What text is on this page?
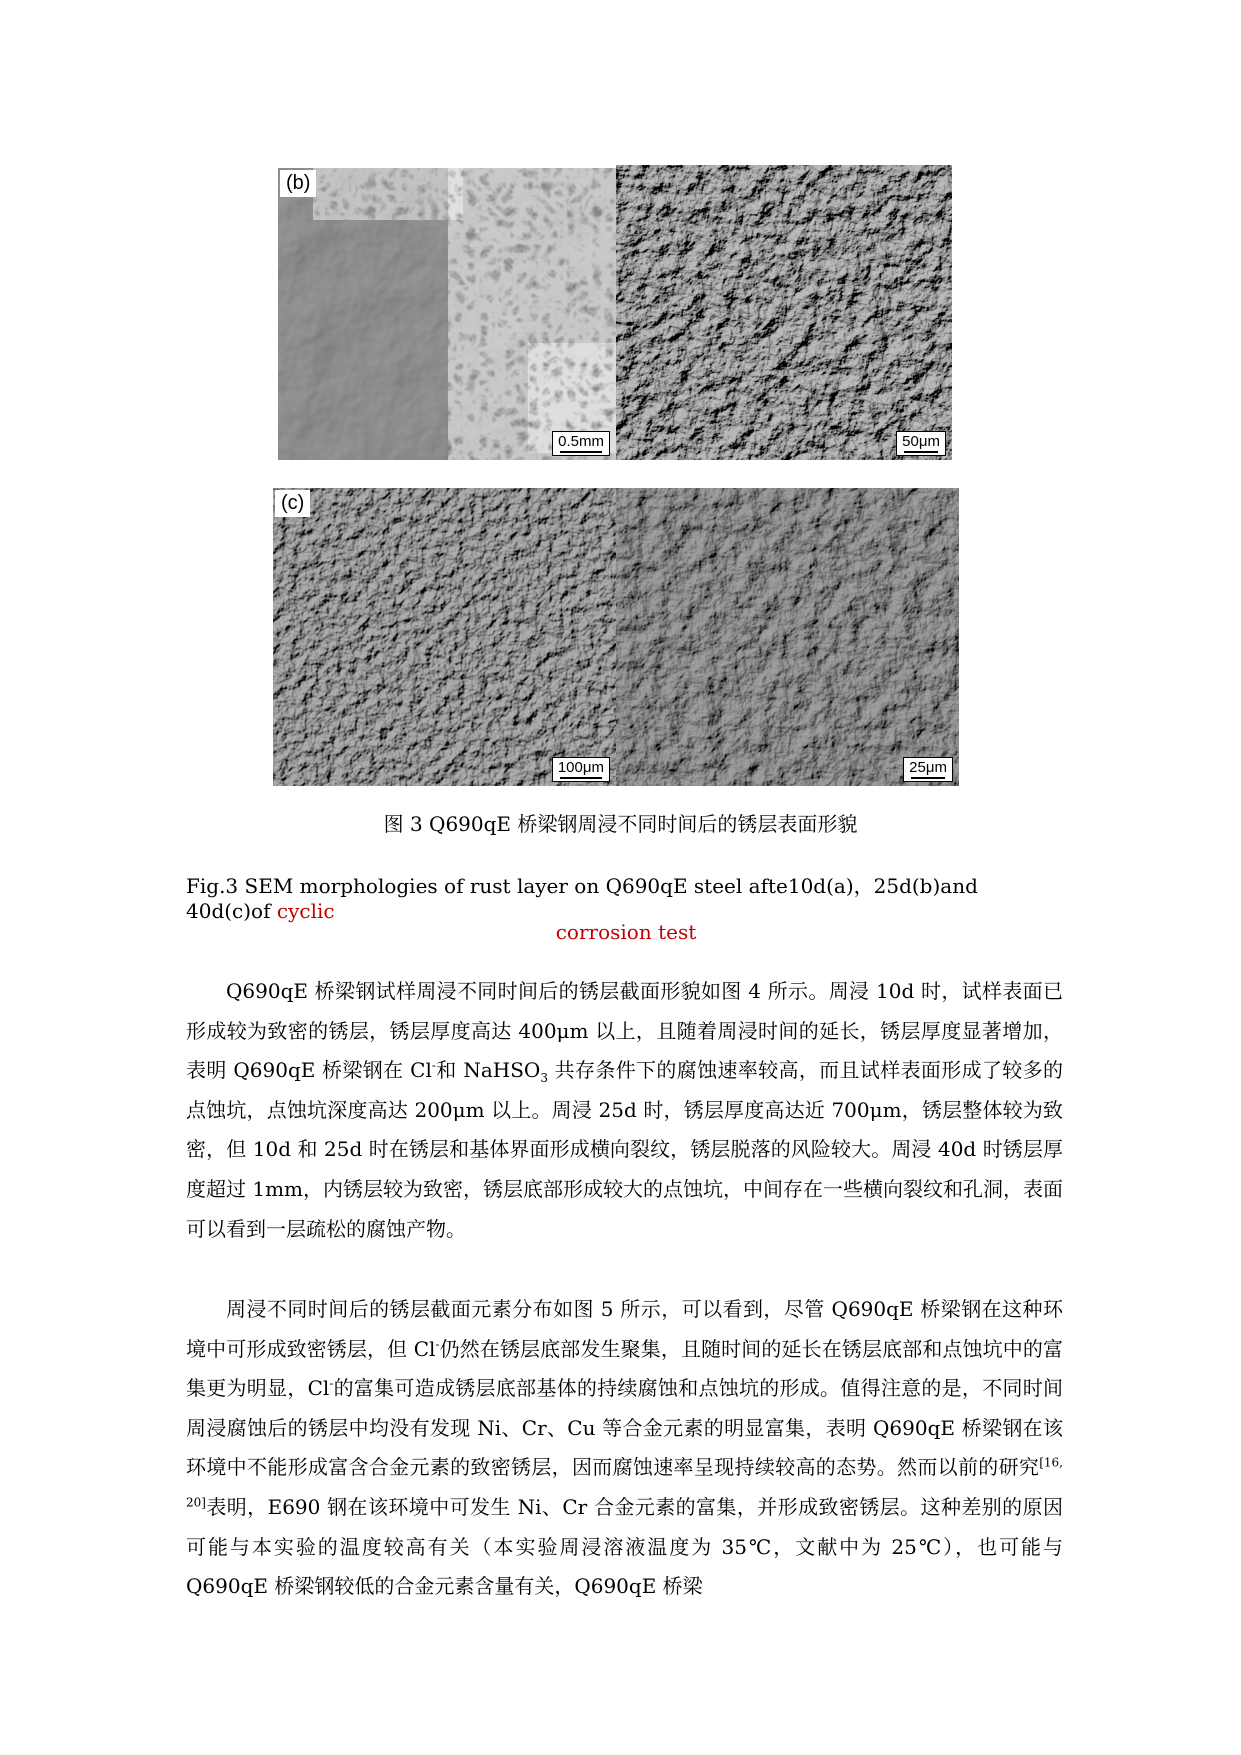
(b)
0.5mm	50μm
(c)
100μm	25μm
图 3 Q690qE 桥梁钢周浸不同时间后的锈层表面形貌
Fig.3 SEM morphologies of rust layer on Q690qE steel afte10d(a)，25d(b)and 40d(c)of cyclic
corrosion test

Q690qE 桥梁钢试样周浸不同时间后的锈层截面形貌如图 4 所示。周浸 10d 时，试样表面已形成较为致密的锈层，锈层厚度高达 400μm 以上，且随着周浸时间的延长，锈层厚度显著增加，表明 Q690qE 桥梁钢在 Cl-和 NaHSO$_3$ 共存条件下的腐蚀速率较高，而且试样表面形成了较多的点蚀坑，点蚀坑深度高达 200μm 以上。周浸 25d 时，锈层厚度高达近 700μm，锈层整体较为致密，但 10d 和 25d 时在锈层和基体界面形成横向裂纹，锈层脱落的风险较大。周浸 40d 时锈层厚度超过 1mm，内锈层较为致密，锈层底部形成较大的点蚀坑，中间存在一些横向裂纹和孔洞，表面可以看到一层疏松的腐蚀产物。

周浸不同时间后的锈层截面元素分布如图 5 所示，可以看到，尽管 Q690qE 桥梁钢在这种环境中可形成致密锈层，但 Cl-仍然在锈层底部发生聚集，且随时间的延长在锈层底部和点蚀坑中的富集更为明显，Cl-的富集可造成锈层底部基体的持续腐蚀和点蚀坑的形成。值得注意的是，不同时间周浸腐蚀后的锈层中均没有发现 Ni、Cr、Cu 等合金元素的明显富集，表明 Q690qE 桥梁钢在该环境中不能形成富含合金元素的致密锈层，因而腐蚀速率呈现持续较高的态势。然而以前的研究[16, 20]表明，E690 钢在该环境中可发生 Ni、Cr 合金元素的富集，并形成致密锈层。这种差别的原因可能与本实验的温度较高有关（本实验周浸溶液温度为 35℃，文献中为 25℃），也可能与 Q690qE 桥梁钢较低的合金元素含量有关，Q690qE 桥梁
